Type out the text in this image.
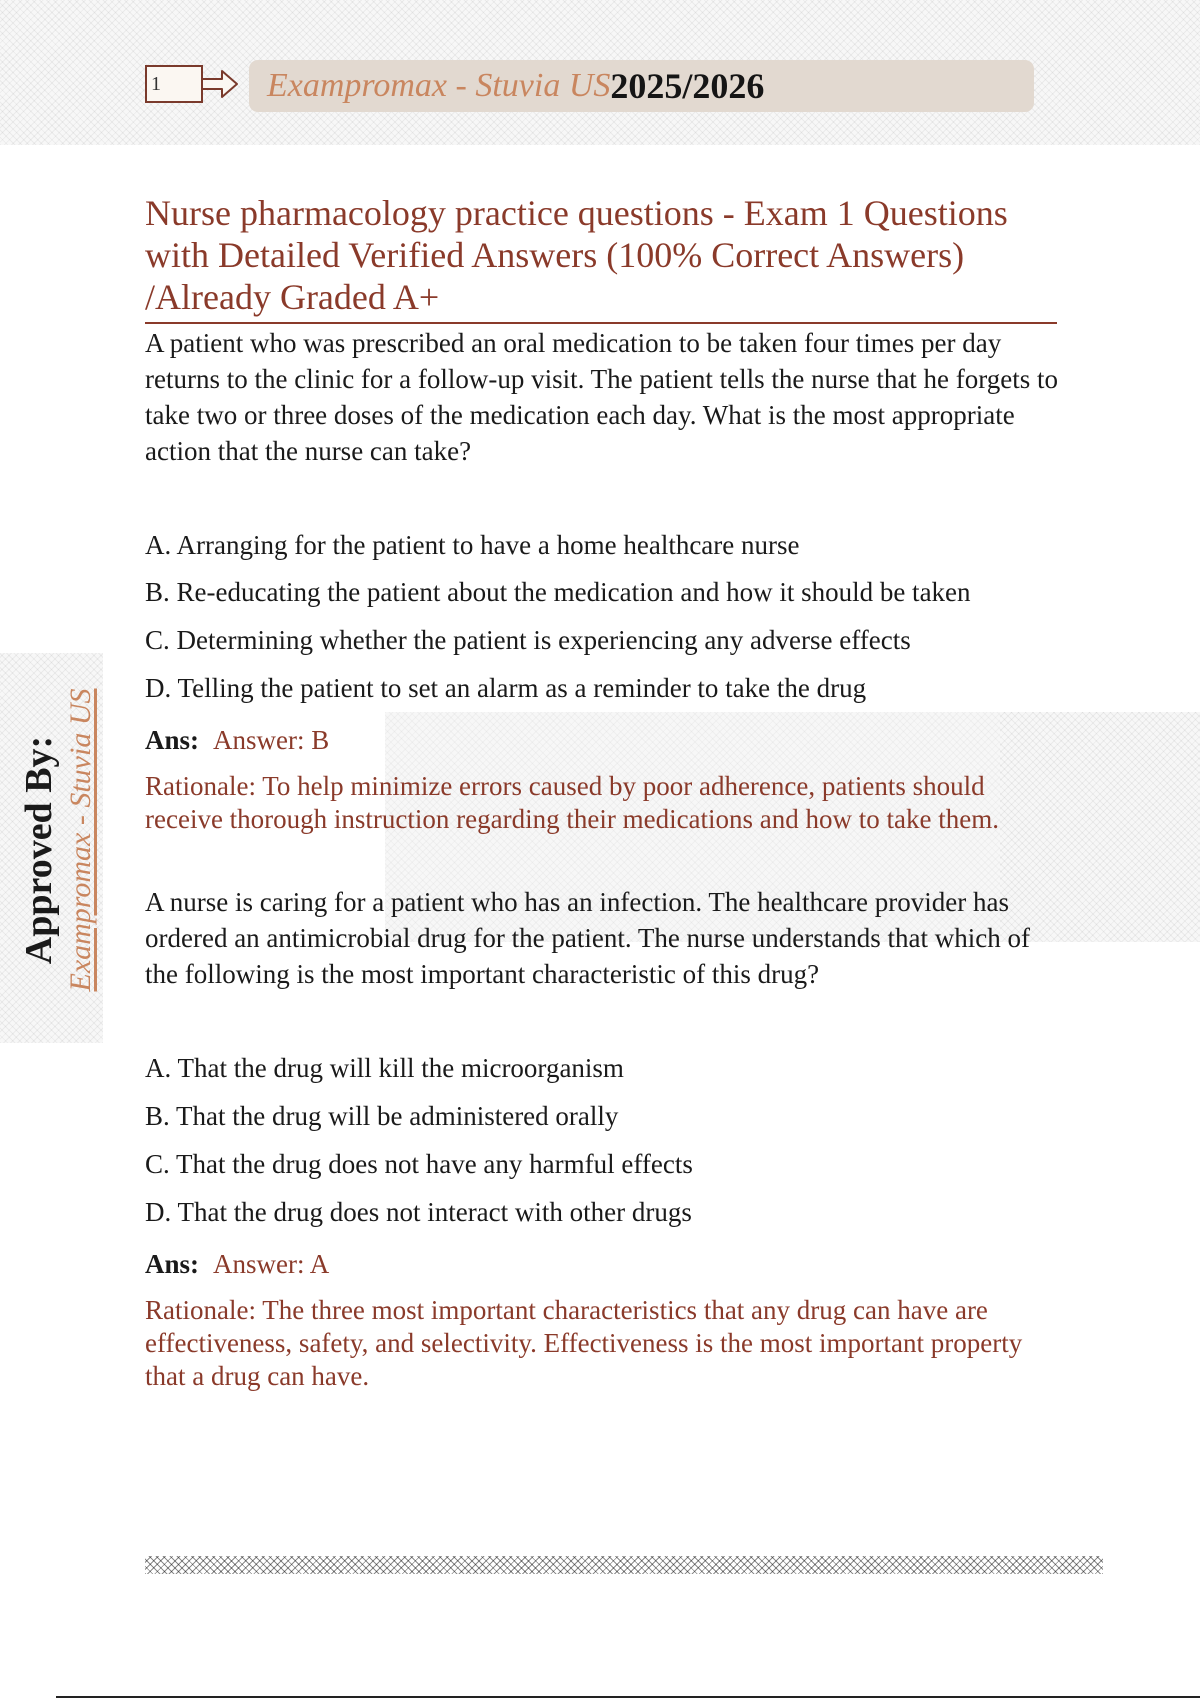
1	Exampromax - Stuvia US 2025/2026
Approved By: Exampromax - Stuvia US
Nurse pharmacology practice questions - Exam 1 Questions with Detailed Verified Answers (100% Correct Answers) /Already Graded A+

A patient who was prescribed an oral medication to be taken four times per day returns to the clinic for a follow-up visit. The patient tells the nurse that he forgets to take two or three doses of the medication each day. What is the most appropriate action that the nurse can take?

A. Arranging for the patient to have a home healthcare nurse

B. Re-educating the patient about the medication and how it should be taken

C. Determining whether the patient is experiencing any adverse effects

D. Telling the patient to set an alarm as a reminder to take the drug

Ans: Answer: B

Rationale: To help minimize errors caused by poor adherence, patients should receive thorough instruction regarding their medications and how to take them.

A nurse is caring for a patient who has an infection. The healthcare provider has ordered an antimicrobial drug for the patient. The nurse understands that which of the following is the most important characteristic of this drug?

A. That the drug will kill the microorganism

B. That the drug will be administered orally

C. That the drug does not have any harmful effects

D. That the drug does not interact with other drugs

Ans: Answer: A

Rationale: The three most important characteristics that any drug can have are effectiveness, safety, and selectivity. Effectiveness is the most important property that a drug can have.
